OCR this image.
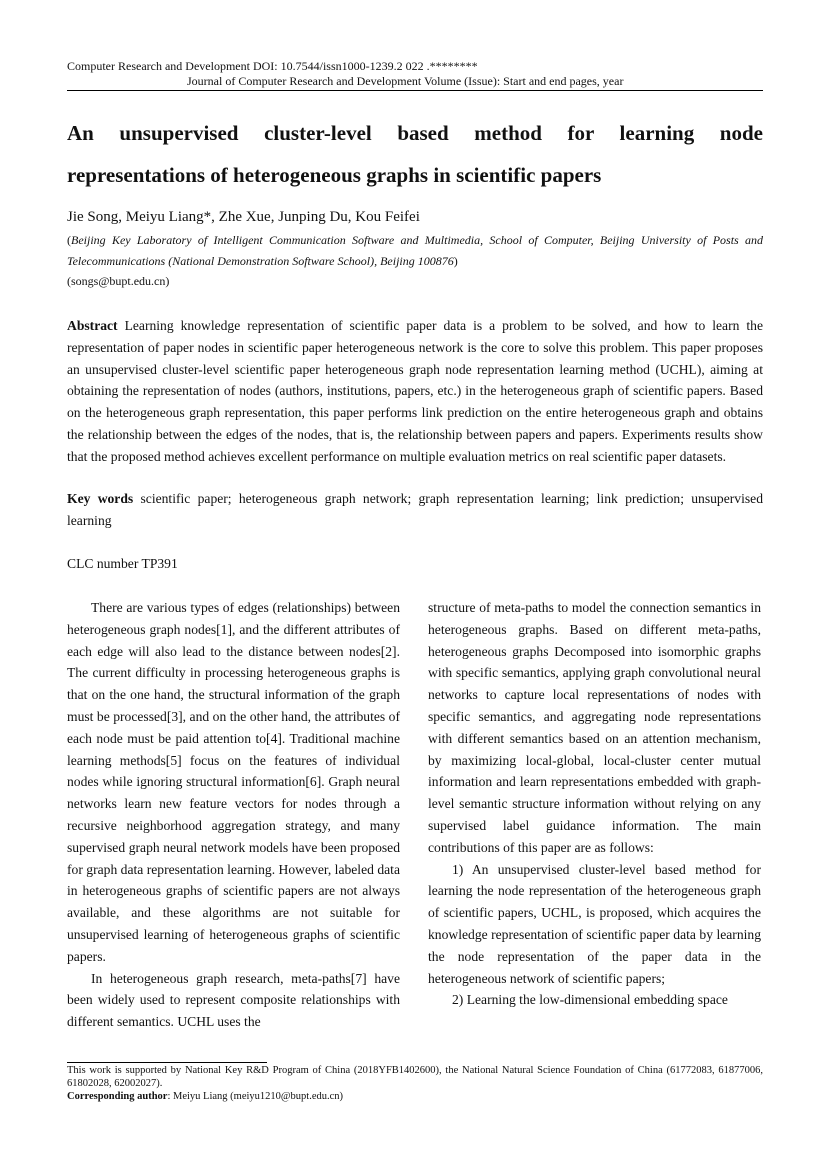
Computer Research and Development DOI: 10.7544/issn1000-1239.2 022 .********
Journal of Computer Research and Development Volume (Issue): Start and end pages, year
An unsupervised cluster-level based method for learning node representations of heterogeneous graphs in scientific papers
Jie Song, Meiyu Liang*, Zhe Xue, Junping Du, Kou Feifei
(Beijing Key Laboratory of Intelligent Communication Software and Multimedia, School of Computer, Beijing University of Posts and Telecommunications (National Demonstration Software School), Beijing 100876)
(songs@bupt.edu.cn)
Abstract Learning knowledge representation of scientific paper data is a problem to be solved, and how to learn the representation of paper nodes in scientific paper heterogeneous network is the core to solve this problem. This paper proposes an unsupervised cluster-level scientific paper heterogeneous graph node representation learning method (UCHL), aiming at obtaining the representation of nodes (authors, institutions, papers, etc.) in the heterogeneous graph of scientific papers. Based on the heterogeneous graph representation, this paper performs link prediction on the entire heterogeneous graph and obtains the relationship between the edges of the nodes, that is, the relationship between papers and papers. Experiments results show that the proposed method achieves excellent performance on multiple evaluation metrics on real scientific paper datasets.
Key words scientific paper; heterogeneous graph network; graph representation learning; link prediction; unsupervised learning
CLC number TP391

There are various types of edges (relationships) between heterogeneous graph nodes[1], and the different attributes of each edge will also lead to the distance between nodes[2]. The current difficulty in processing heterogeneous graphs is that on the one hand, the structural information of the graph must be processed[3], and on the other hand, the attributes of each node must be paid attention to[4]. Traditional machine learning methods[5] focus on the features of individual nodes while ignoring structural information[6]. Graph neural networks learn new feature vectors for nodes through a recursive neighborhood aggregation strategy, and many supervised graph neural network models have been proposed for graph data representation learning. However, labeled data in heterogeneous graphs of scientific papers are not always available, and these algorithms are not suitable for unsupervised learning of heterogeneous graphs of scientific papers.

In heterogeneous graph research, meta-paths[7] have been widely used to represent composite relationships with different semantics. UCHL uses the

structure of meta-paths to model the connection semantics in heterogeneous graphs. Based on different meta-paths, heterogeneous graphs Decomposed into isomorphic graphs with specific semantics, applying graph convolutional neural networks to capture local representations of nodes with specific semantics, and aggregating node representations with different semantics based on an attention mechanism, by maximizing local-global, local-cluster center mutual information and learn representations embedded with graph-level semantic structure information without relying on any supervised label guidance information. The main contributions of this paper are as follows:

1) An unsupervised cluster-level based method for learning the node representation of the heterogeneous graph of scientific papers, UCHL, is proposed, which acquires the knowledge representation of scientific paper data by learning the node representation of the paper data in the heterogeneous network of scientific papers;

2) Learning the low-dimensional embedding space

This work is supported by National Key R&D Program of China (2018YFB1402600), the National Natural Science Foundation of China (61772083, 61877006, 61802028, 62002027).
Corresponding author: Meiyu Liang (meiyu1210@bupt.edu.cn)
